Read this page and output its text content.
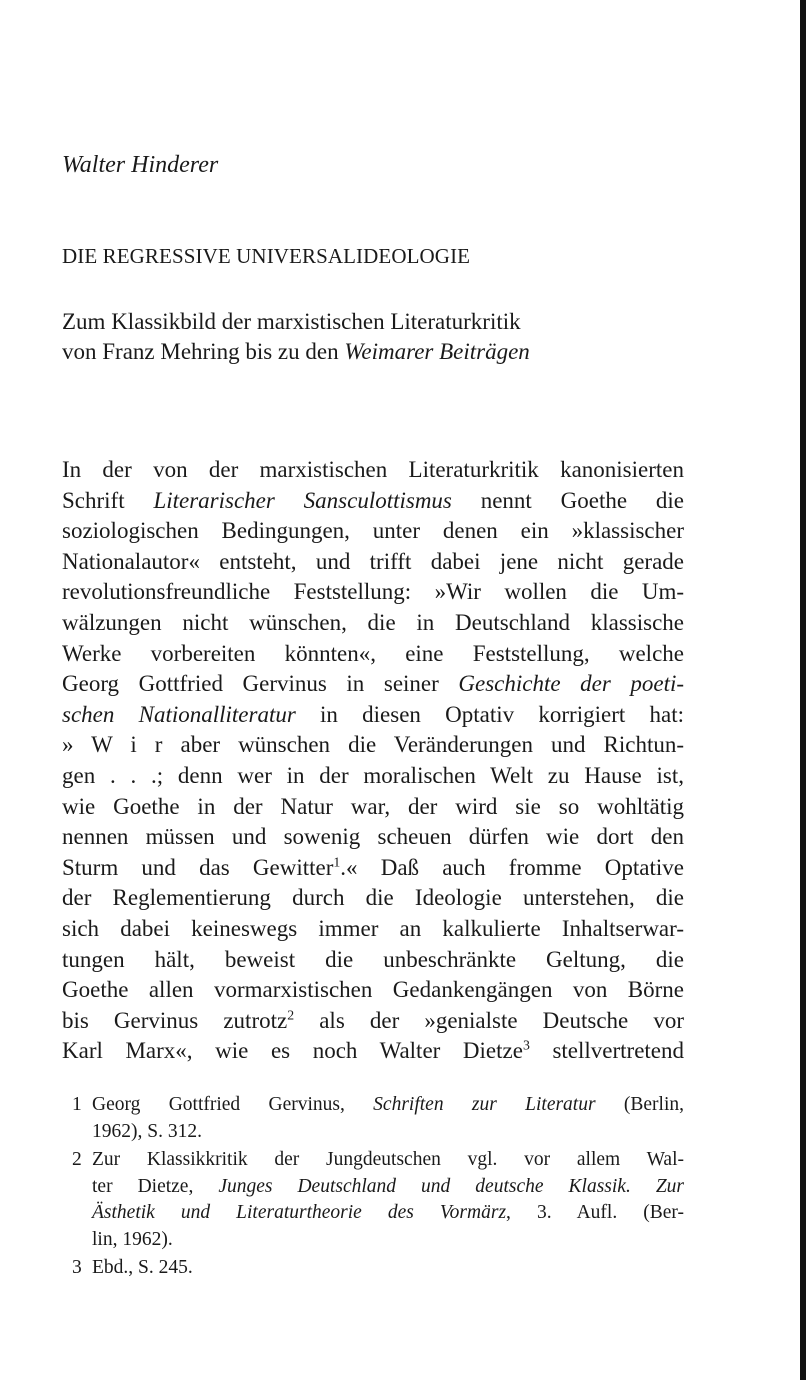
Walter Hinderer
DIE REGRESSIVE UNIVERSALIDEOLOGIE
Zum Klassikbild der marxistischen Literaturkritik
von Franz Mehring bis zu den Weimarer Beiträgen
In der von der marxistischen Literaturkritik kanonisierten
Schrift Literarischer Sansculottismus nennt Goethe die
soziologischen Bedingungen, unter denen ein »klassischer
Nationalautor« entsteht, und trifft dabei jene nicht gerade
revolutionsfreundliche Feststellung: »Wir wollen die Um-
wälzungen nicht wünschen, die in Deutschland klassische
Werke vorbereiten könnten«, eine Feststellung, welche
Georg Gottfried Gervinus in seiner Geschichte der poeti-
schen Nationalliteratur in diesen Optativ korrigiert hat:
» W i r aber wünschen die Veränderungen und Richtun-
gen . . .; denn wer in der moralischen Welt zu Hause ist,
wie Goethe in der Natur war, der wird sie so wohltätig
nennen müssen und sowenig scheuen dürfen wie dort den
Sturm und das Gewitter$^1$.« Daß auch fromme Optative
der Reglementierung durch die Ideologie unterstehen, die
sich dabei keineswegs immer an kalkulierte Inhaltserwar-
tungen hält, beweist die unbeschränkte Geltung, die
Goethe allen vormarxistischen Gedankengängen von Börne
bis Gervinus zutrotz$^2$ als der »genialste Deutsche vor
Karl Marx«, wie es noch Walter Dietze$^3$ stellvertretend
1 Georg Gottfried Gervinus, Schriften zur Literatur (Berlin,
1962), S. 312.
2 Zur Klassikkritik der Jungdeutschen vgl. vor allem Wal-
ter Dietze, Junges Deutschland und deutsche Klassik. Zur
Ästhetik und Literaturtheorie des Vormärz, 3. Aufl. (Ber-
lin, 1962).
3 Ebd., S. 245.
